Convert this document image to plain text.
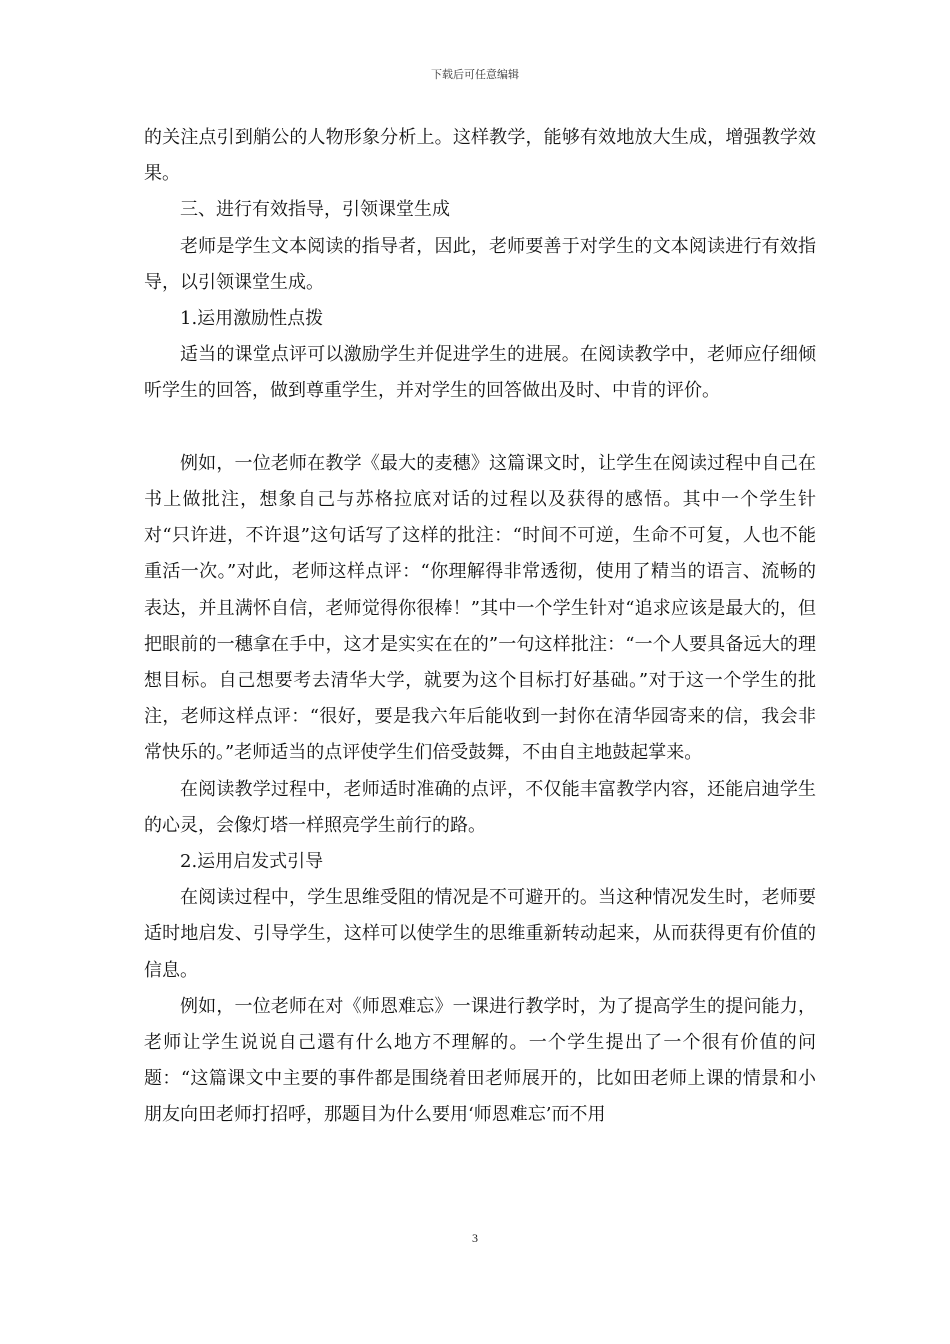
下载后可任意编辑

的关注点引到艄公的人物形象分析上。这样教学，能够有效地放大生成，增强教学效果。

三、进行有效指导，引领课堂生成

老师是学生文本阅读的指导者，因此，老师要善于对学生的文本阅读进行有效指导，以引领课堂生成。

1.运用激励性点拨

适当的课堂点评可以激励学生并促进学生的进展。在阅读教学中，老师应仔细倾听学生的回答，做到尊重学生，并对学生的回答做出及时、中肯的评价。

例如，一位老师在教学《最大的麦穗》这篇课文时，让学生在阅读过程中自己在书上做批注，想象自己与苏格拉底对话的过程以及获得的感悟。其中一个学生针对“只许进，不许退”这句话写了这样的批注：“时间不可逆，生命不可复，人也不能重活一次。”对此，老师这样点评：“你理解得非常透彻，使用了精当的语言、流畅的表达，并且满怀自信，老师觉得你很棒！”其中一个学生针对“追求应该是最大的，但把眼前的一穗拿在手中，这才是实实在在的”一句这样批注：“一个人要具备远大的理想目标。自己想要考去清华大学，就要为这个目标打好基础。”对于这一个学生的批注，老师这样点评：“很好，要是我六年后能收到一封你在清华园寄来的信，我会非常快乐的。”老师适当的点评使学生们倍受鼓舞，不由自主地鼓起掌来。

在阅读教学过程中，老师适时准确的点评，不仅能丰富教学内容，还能启迪学生的心灵，会像灯塔一样照亮学生前行的路。

2.运用启发式引导

在阅读过程中，学生思维受阻的情况是不可避开的。当这种情况发生时，老师要适时地启发、引导学生，这样可以使学生的思维重新转动起来，从而获得更有价值的信息。

例如，一位老师在对《师恩难忘》一课进行教学时，为了提高学生的提问能力，老师让学生说说自己還有什么地方不理解的。一个学生提出了一个很有价值的问题：“这篇课文中主要的事件都是围绕着田老师展开的，比如田老师上课的情景和小朋友向田老师打招呼，那题目为什么要用‘师恩难忘’而不用

3
